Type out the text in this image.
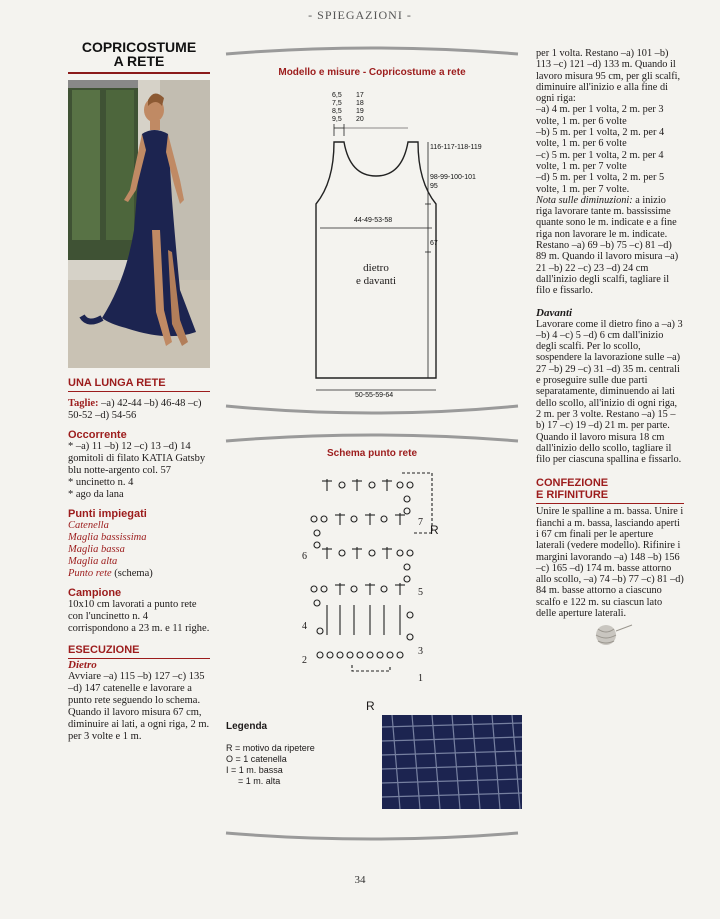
- SPIEGAZIONI -
COPRICOSTUME
A RETE
UNA LUNGA RETE
Taglie: –a) 42-44 –b) 46-48 –c) 50-52 –d) 54-56
Occorrente
* –a) 11 –b) 12 –c) 13 –d) 14 gomitoli di filato KATIA Gatsby blu notte-argento col. 57
* uncinetto n. 4
* ago da lana
Punti impiegati
Catenella
Maglia bassissima
Maglia bassa
Maglia alta
Punto rete (schema)
Campione
10x10 cm lavorati a punto rete con l'uncinetto n. 4 corrispondono a 23 m. e 11 righe.
ESECUZIONE
Dietro
Avviare –a) 115 –b) 127 –c) 135 –d) 147 catenelle e lavorare a punto rete seguendo lo schema.
Quando il lavoro misura 67 cm, diminuire ai lati, a ogni riga, 2 m. per 3 volte e 1 m.
Modello e misure - Copricostume a rete
6,5
7,5
8,5
9,5
17
18
19
20
116-117-118-119
98-99-100-101
95
67
44-49-53-58
50-55-59-64
dietro
e davanti

Schema punto rete
7
R
6
5
4
3
2
1
R
Legenda
R = motivo da ripetere
O = 1 catenella
I = 1 m. bassa
= 1 m. alta
per 1 volta. Restano –a) 101 –b) 113 –c) 121 –d) 133 m. Quando il lavoro misura 95 cm, per gli scalfi, diminuire all'inizio e alla fine di ogni riga:
–a) 4 m. per 1 volta, 2 m. per 3 volte, 1 m. per 6 volte
–b) 5 m. per 1 volta, 2 m. per 4 volte, 1 m. per 6 volte
–c) 5 m. per 1 volta, 2 m. per 4 volte, 1 m. per 7 volte
–d) 5 m. per 1 volta, 2 m. per 5 volte, 1 m. per 7 volte.
Nota sulle diminuzioni: a inizio riga lavorare tante m. bassissime quante sono le m. indicate e a fine riga non lavorare le m. indicate.
Restano –a) 69 –b) 75 –c) 81 –d) 89 m. Quando il lavoro misura –a) 21 –b) 22 –c) 23 –d) 24 cm dall'inizio degli scalfi, tagliare il filo e fissarlo.
Davanti
Lavorare come il dietro fino a –a) 3 –b) 4 –c) 5 –d) 6 cm dall'inizio degli scalfi. Per lo scollo, sospendere la lavorazione sulle –a) 27 –b) 29 –c) 31 –d) 35 m. centrali e proseguire sulle due parti separatamente, diminuendo ai lati dello scollo, all'inizio di ogni riga, 2 m. per 3 volte. Restano –a) 15 –b) 17 –c) 19 –d) 21 m. per parte. Quando il lavoro misura 18 cm dall'inizio dello scollo, tagliare il filo per ciascuna spallina e fissarlo.
CONFEZIONE
E RIFINITURE
Unire le spalline a m. bassa. Unire i fianchi a m. bassa, lasciando aperti i 67 cm finali per le aperture laterali (vedere modello). Rifinire i margini lavorando –a) 148 –b) 156 –c) 165 –d) 174 m. basse attorno allo scollo, –a) 74 –b) 77 –c) 81 –d) 84 m. basse attorno a ciascuno scalfo e 122 m. su ciascun lato delle aperture laterali.
34
